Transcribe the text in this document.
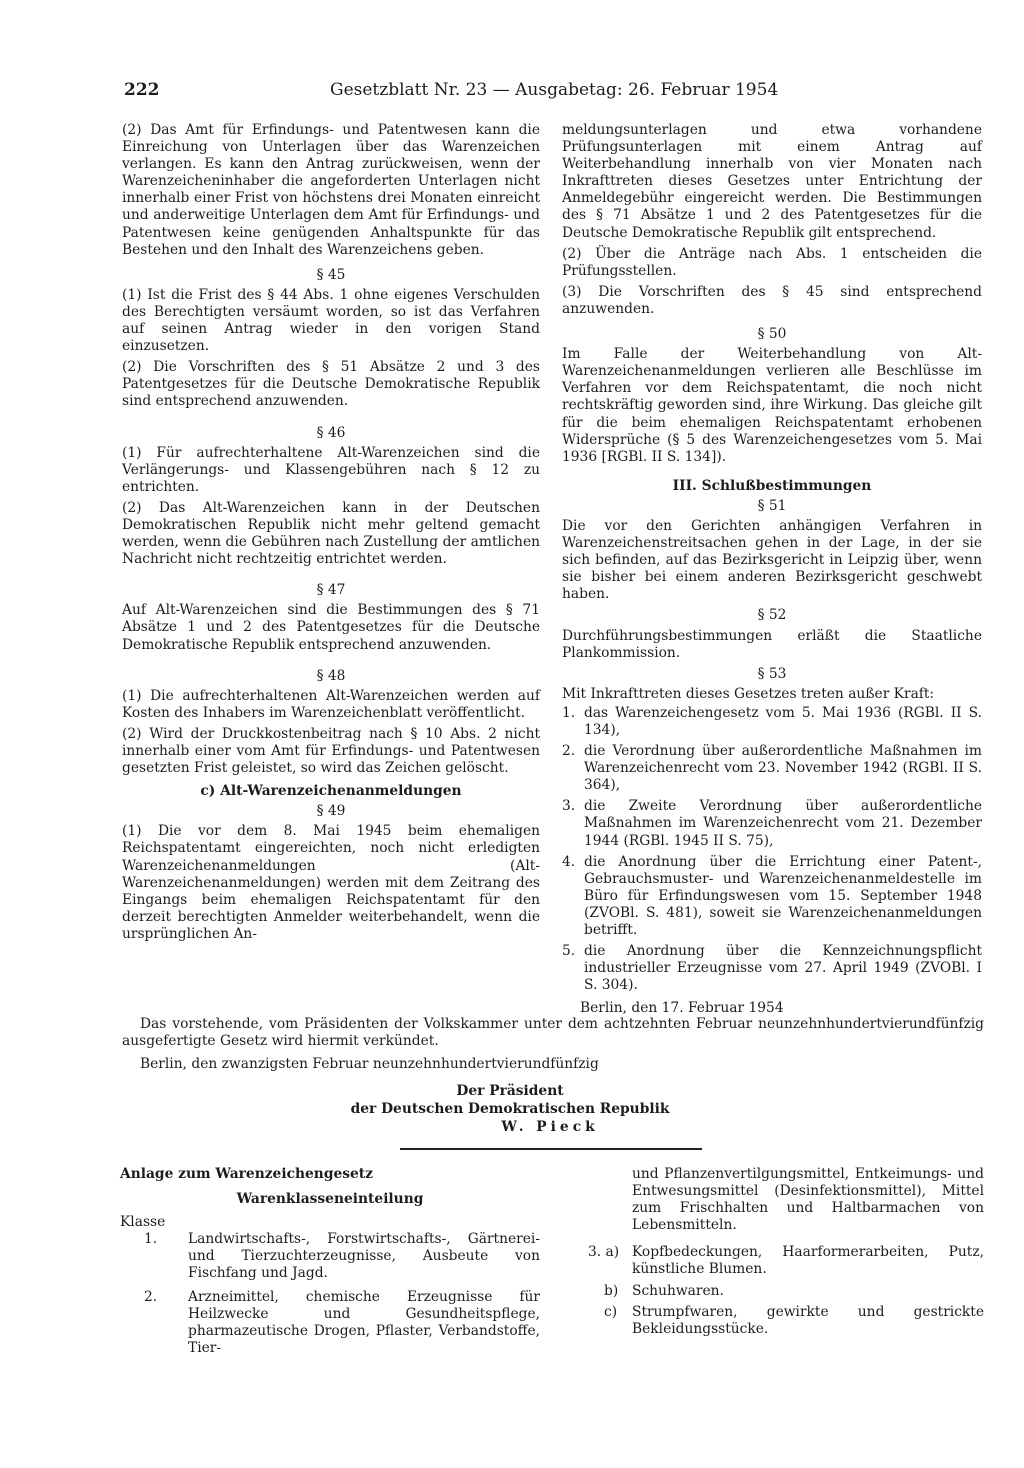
222	Gesetzblatt Nr. 23 — Ausgabetag: 26. Februar 1954

(2) Das Amt für Erfindungs- und Patentwesen kann die Einreichung von Unterlagen über das Warenzeichen verlangen. Es kann den Antrag zurückweisen, wenn der Warenzeicheninhaber die angeforderten Unterlagen nicht innerhalb einer Frist von höchstens drei Monaten einreicht und anderweitige Unterlagen dem Amt für Erfindungs- und Patentwesen keine genügenden Anhaltspunkte für das Bestehen und den Inhalt des Warenzeichens geben.

§ 45

(1) Ist die Frist des § 44 Abs. 1 ohne eigenes Verschulden des Berechtigten versäumt worden, so ist das Verfahren auf seinen Antrag wieder in den vorigen Stand einzusetzen.

(2) Die Vorschriften des § 51 Absätze 2 und 3 des Patentgesetzes für die Deutsche Demokratische Republik sind entsprechend anzuwenden.

§ 46

(1) Für aufrechterhaltene Alt-Warenzeichen sind die Verlängerungs- und Klassengebühren nach § 12 zu entrichten.

(2) Das Alt-Warenzeichen kann in der Deutschen Demokratischen Republik nicht mehr geltend gemacht werden, wenn die Gebühren nach Zustellung der amtlichen Nachricht nicht rechtzeitig entrichtet werden.

§ 47

Auf Alt-Warenzeichen sind die Bestimmungen des § 71 Absätze 1 und 2 des Patentgesetzes für die Deutsche Demokratische Republik entsprechend anzuwenden.

§ 48

(1) Die aufrechterhaltenen Alt-Warenzeichen werden auf Kosten des Inhabers im Warenzeichenblatt veröffentlicht.

(2) Wird der Druckkostenbeitrag nach § 10 Abs. 2 nicht innerhalb einer vom Amt für Erfindungs- und Patentwesen gesetzten Frist geleistet, so wird das Zeichen gelöscht.

c) Alt-Warenzeichenanmeldungen
§ 49

(1) Die vor dem 8. Mai 1945 beim ehemaligen Reichspatentamt eingereichten, noch nicht erledigten Warenzeichenanmeldungen (Alt-Warenzeichenanmeldungen) werden mit dem Zeitrang des Eingangs beim ehemaligen Reichspatentamt für den derzeit berechtigten Anmelder weiterbehandelt, wenn die ursprünglichen An-

meldungsunterlagen und etwa vorhandene Prüfungsunterlagen mit einem Antrag auf Weiterbehandlung innerhalb von vier Monaten nach Inkrafttreten dieses Gesetzes unter Entrichtung der Anmeldegebühr eingereicht werden. Die Bestimmungen des § 71 Absätze 1 und 2 des Patentgesetzes für die Deutsche Demokratische Republik gilt entsprechend.

(2) Über die Anträge nach Abs. 1 entscheiden die Prüfungsstellen.

(3) Die Vorschriften des § 45 sind entsprechend anzuwenden.

§ 50

Im Falle der Weiterbehandlung von Alt-Warenzeichenanmeldungen verlieren alle Beschlüsse im Verfahren vor dem Reichspatentamt, die noch nicht rechtskräftig geworden sind, ihre Wirkung. Das gleiche gilt für die beim ehemaligen Reichspatentamt erhobenen Widersprüche (§ 5 des Warenzeichengesetzes vom 5. Mai 1936 [RGBl. II S. 134]).

III. Schlußbestimmungen
§ 51

Die vor den Gerichten anhängigen Verfahren in Warenzeichenstreitsachen gehen in der Lage, in der sie sich befinden, auf das Bezirksgericht in Leipzig über, wenn sie bisher bei einem anderen Bezirksgericht geschwebt haben.

§ 52

Durchführungsbestimmungen erläßt die Staatliche Plankommission.

§ 53

Mit Inkrafttreten dieses Gesetzes treten außer Kraft:

1. das Warenzeichengesetz vom 5. Mai 1936 (RGBl. II S. 134),
2. die Verordnung über außerordentliche Maßnahmen im Warenzeichenrecht vom 23. November 1942 (RGBl. II S. 364),
3. die Zweite Verordnung über außerordentliche Maßnahmen im Warenzeichenrecht vom 21. Dezember 1944 (RGBl. 1945 II S. 75),
4. die Anordnung über die Errichtung einer Patent-, Gebrauchsmuster- und Warenzeichenanmeldestelle im Büro für Erfindungswesen vom 15. September 1948 (ZVOBl. S. 481), soweit sie Warenzeichenanmeldungen betrifft.
5. die Anordnung über die Kennzeichnungspflicht industrieller Erzeugnisse vom 27. April 1949 (ZVOBl. I S. 304).
Berlin, den 17. Februar 1954

Das vorstehende, vom Präsidenten der Volkskammer unter dem achtzehnten Februar neunzehnhundertvierundfünfzig ausgefertigte Gesetz wird hiermit verkündet.

Berlin, den zwanzigsten Februar neunzehnhundertvierundfünfzig

Der Präsident
der Deutschen Demokratischen Republik
W. Pieck
Anlage zum Warenzeichengesetz
Warenklasseneinteilung
Klasse
1. Landwirtschafts-, Forstwirtschafts-, Gärtnerei- und Tierzuchterzeugnisse, Ausbeute von Fischfang und Jagd.
2. Arzneimittel, chemische Erzeugnisse für Heilzwecke und Gesundheitspflege, pharmazeutische Drogen, Pflaster, Verbandstoffe, Tier-
und Pflanzenvertilgungsmittel, Entkeimungs- und Entwesungsmittel (Desinfektionsmittel), Mittel zum Frischhalten und Haltbarmachen von Lebensmitteln.
3. a) Kopfbedeckungen, Haarformerarbeiten, Putz, künstliche Blumen.
b) Schuhwaren.
c)	Strumpfwaren, gewirkte und gestrickte Bekleidungsstücke.
